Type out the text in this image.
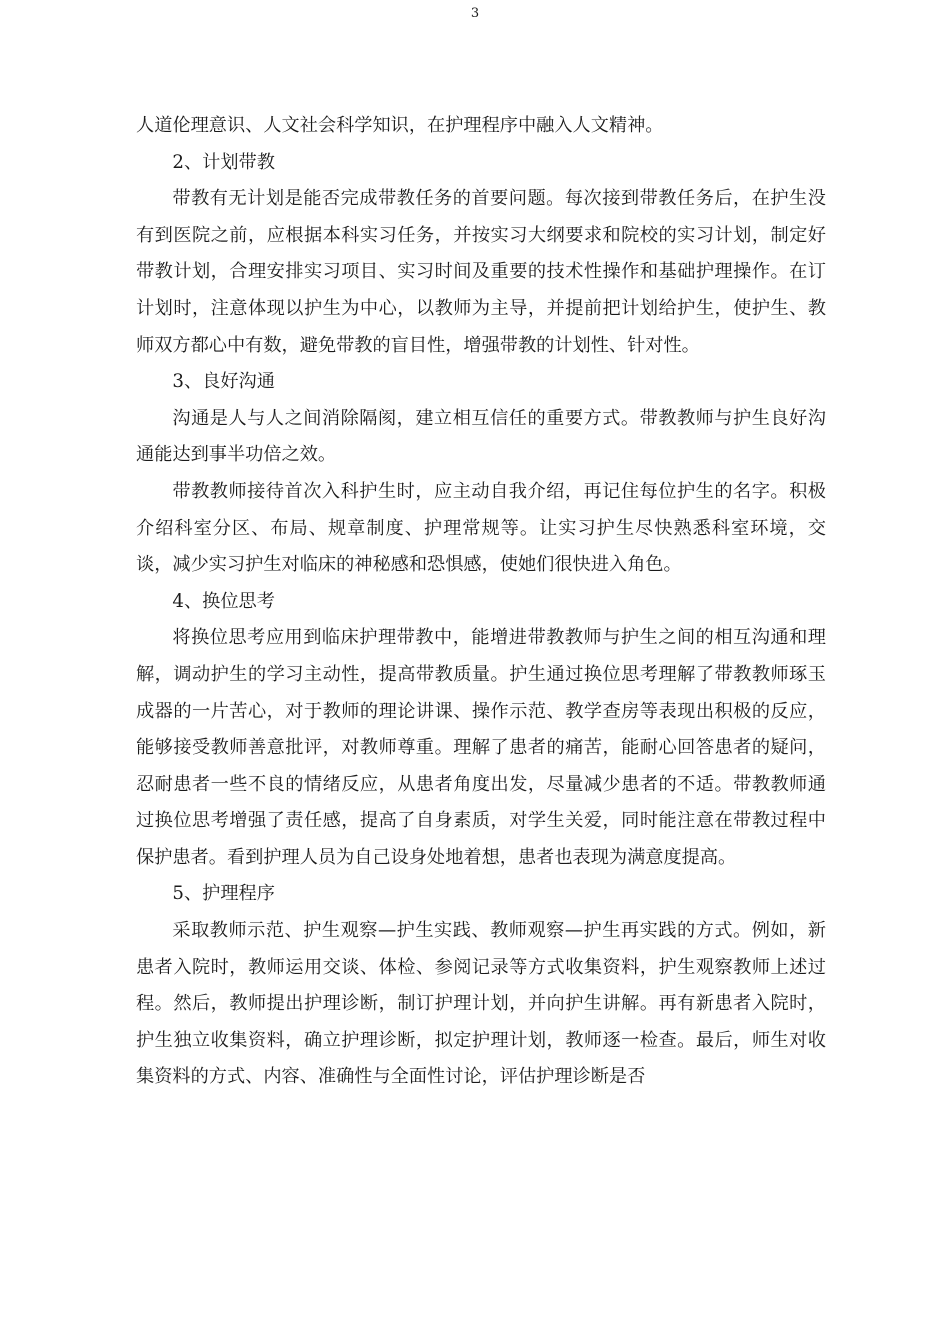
3

人道伦理意识、人文社会科学知识，在护理程序中融入人文精神。

2、计划带教

带教有无计划是能否完成带教任务的首要问题。每次接到带教任务后，在护生没有到医院之前，应根据本科实习任务，并按实习大纲要求和院校的实习计划，制定好带教计划，合理安排实习项目、实习时间及重要的技术性操作和基础护理操作。在订计划时，注意体现以护生为中心，以教师为主导，并提前把计划给护生，使护生、教师双方都心中有数，避免带教的盲目性，增强带教的计划性、针对性。

3、良好沟通

沟通是人与人之间消除隔阂，建立相互信任的重要方式。带教教师与护生良好沟通能达到事半功倍之效。

带教教师接待首次入科护生时，应主动自我介绍，再记住每位护生的名字。积极介绍科室分区、布局、规章制度、护理常规等。让实习护生尽快熟悉科室环境，交谈，减少实习护生对临床的神秘感和恐惧感，使她们很快进入角色。

4、换位思考

将换位思考应用到临床护理带教中，能增进带教教师与护生之间的相互沟通和理解，调动护生的学习主动性，提高带教质量。护生通过换位思考理解了带教教师琢玉成器的一片苦心，对于教师的理论讲课、操作示范、教学查房等表现出积极的反应，能够接受教师善意批评，对教师尊重。理解了患者的痛苦，能耐心回答患者的疑问，忍耐患者一些不良的情绪反应，从患者角度出发，尽量减少患者的不适。带教教师通过换位思考增强了责任感，提高了自身素质，对学生关爱，同时能注意在带教过程中保护患者。看到护理人员为自己设身处地着想，患者也表现为满意度提高。

5、护理程序

采取教师示范、护生观察—护生实践、教师观察—护生再实践的方式。例如，新患者入院时，教师运用交谈、体检、参阅记录等方式收集资料，护生观察教师上述过程。然后，教师提出护理诊断，制订护理计划，并向护生讲解。再有新患者入院时，护生独立收集资料，确立护理诊断，拟定护理计划，教师逐一检查。最后，师生对收集资料的方式、内容、准确性与全面性讨论，评估护理诊断是否
